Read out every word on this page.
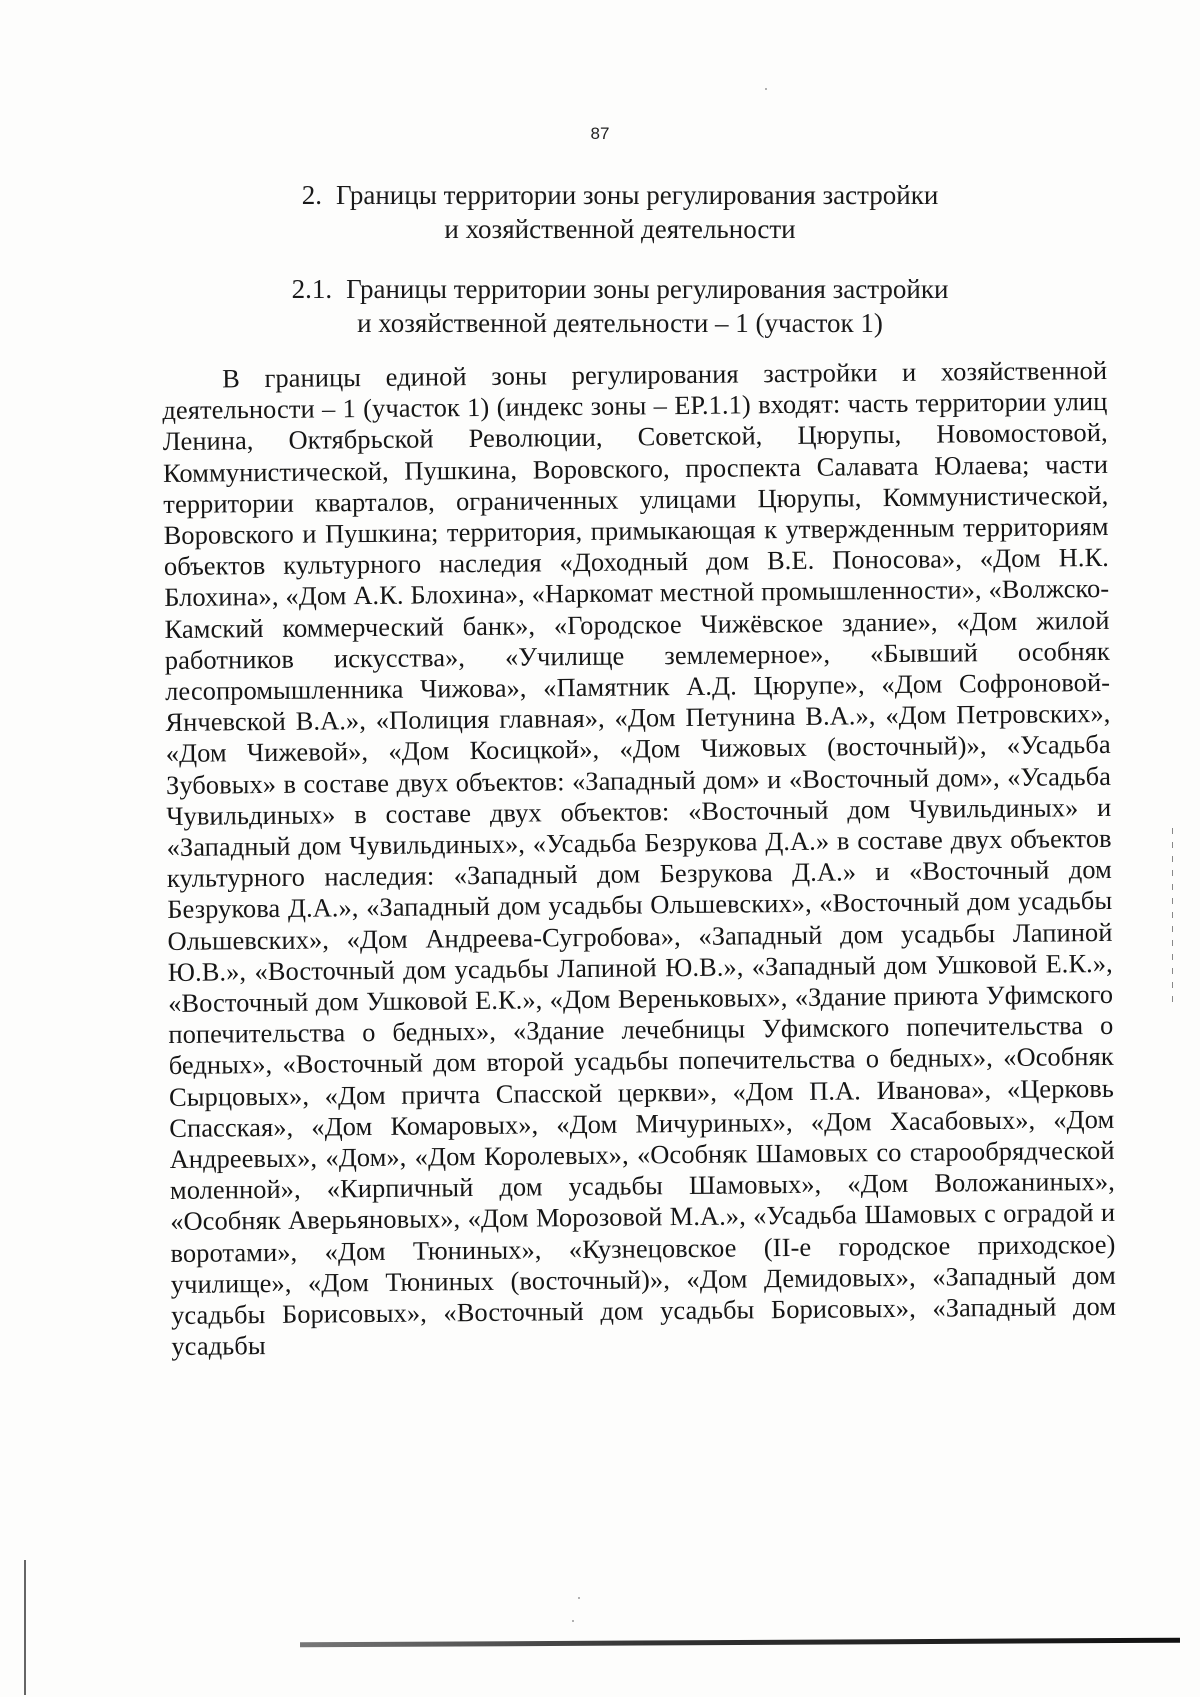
87
2. Границы территории зоны регулирования застройки
и хозяйственной деятельности
2.1. Границы территории зоны регулирования застройки
и хозяйственной деятельности – 1 (участок 1)

В границы единой зоны регулирования застройки и хозяйственной деятельности – 1 (участок 1) (индекс зоны – ЕР.1.1) входят: часть территории улиц Ленина, Октябрьской Революции, Советской, Цюрупы, Новомостовой, Коммунистической, Пушкина, Воровского, проспекта Салавата Юлаева; части территории кварталов, ограниченных улицами Цюрупы, Коммунистической, Воровского и Пушкина; территория, примыкающая к утвержденным территориям объектов культурного наследия «Доходный дом В.Е. Поносова», «Дом Н.К. Блохина», «Дом А.К. Блохина», «Наркомат местной промышленности», «Волжско-Камский коммерческий банк», «Городское Чижёвское здание», «Дом жилой работников искусства», «Училище землемерное», «Бывший особняк лесопромышленника Чижова», «Памятник А.Д. Цюрупе», «Дом Софроновой-Янчевской В.А.», «Полиция главная», «Дом Петунина В.А.», «Дом Петровских», «Дом Чижевой», «Дом Косицкой», «Дом Чижовых (восточный)», «Усадьба Зубовых» в составе двух объектов: «Западный дом» и «Восточный дом», «Усадьба Чувильдиных» в составе двух объектов: «Восточный дом Чувильдиных» и «Западный дом Чувильдиных», «Усадьба Безрукова Д.А.» в составе двух объектов культурного наследия: «Западный дом Безрукова Д.А.» и «Восточный дом Безрукова Д.А.», «Западный дом усадьбы Ольшевских», «Восточный дом усадьбы Ольшевских», «Дом Андреева-Сугробова», «Западный дом усадьбы Лапиной Ю.В.», «Восточный дом усадьбы Лапиной Ю.В.», «Западный дом Ушковой Е.К.», «Восточный дом Ушковой Е.К.», «Дом Вереньковых», «Здание приюта Уфимского попечительства о бедных», «Здание лечебницы Уфимского попечительства о бедных», «Восточный дом второй усадьбы попечительства о бедных», «Особняк Сырцовых», «Дом причта Спасской церкви», «Дом П.А. Иванова», «Церковь Спасская», «Дом Комаровых», «Дом Мичуриных», «Дом Хасабовых», «Дом Андреевых», «Дом», «Дом Королевых», «Особняк Шамовых со старообрядческой моленной», «Кирпичный дом усадьбы Шамовых», «Дом Воложаниных», «Особняк Аверьяновых», «Дом Морозовой М.А.», «Усадьба Шамовых с оградой и воротами», «Дом Тюниных», «Кузнецовское (II-е городское приходское) училище», «Дом Тюниных (восточный)», «Дом Демидовых», «Западный дом усадьбы Борисовых», «Восточный дом усадьбы Борисовых», «Западный дом усадьбы
